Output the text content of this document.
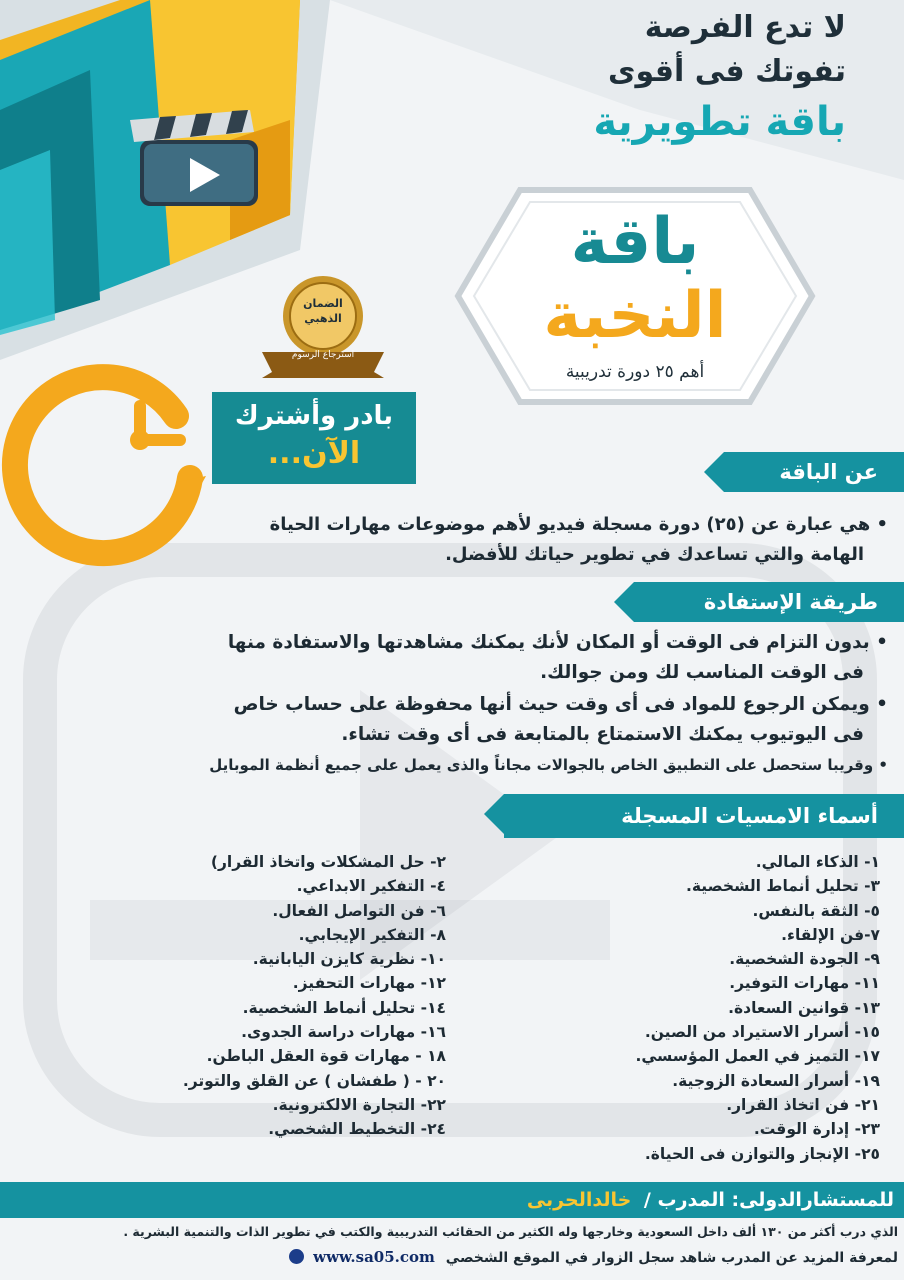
لا تدع الفرصة
تفوتك فى أقوى
باقة تطويرية
باقة
النخبة
أهم ٢٥ دورة تدريبية
الضمان
الذهبي
استرجاع الرسوم
بادر وأشترك
الآن...
عن الباقة
• هي عبارة عن (٢٥) دورة مسجلة فيديو لأهم موضوعات مهارات الحياة
الهامة والتي تساعدك في تطوير حياتك للأفضل.
طريقة الإستفادة
• بدون التزام فى الوقت أو المكان لأنك يمكنك مشاهدتها والاستفادة منها
فى الوقت المناسب لك ومن جوالك.
• ويمكن الرجوع للمواد فى أى وقت حيث أنها محفوظة على حساب خاص
فى اليوتيوب يمكنك الاستمتاع بالمتابعة فى أى وقت تشاء.
• وقريبا ستحصل على التطبيق الخاص بالجوالات مجاناً والذى يعمل على جميع أنظمة الموبايل
أسماء الامسيات المسجلة
١- الذكاء المالي.
٣- تحليل أنماط الشخصية.
٥- الثقة بالنفس.
٧-فن الإلقاء.
٩- الجودة الشخصية.
١١- مهارات التوفير.
١٣- قوانين السعادة.
١٥- أسرار الاستيراد من الصين.
١٧- التميز في العمل المؤسسي.
١٩- أسرار السعادة الزوجية.
٢١- فن اتخاذ القرار.
٢٣- إدارة الوقت.
٢٥- الإنجاز والتوازن فى الحياة.
٢- حل المشكلات واتخاذ القرار)
٤- التفكير الابداعي.
٦- فن التواصل الفعال.
٨- التفكير الإيجابي.
١٠- نظرية كايزن اليابانية.
١٢- مهارات التحفيز.
١٤- تحليل أنماط الشخصية.
١٦- مهارات دراسة الجدوى.
١٨ - مهارات قوة العقل الباطن.
٢٠ - ( طفشان ) عن القلق والتوتر.
٢٢- التجارة الالكترونية.
٢٤- التخطيط الشخصي.
للمستشارالدولى: المدرب / خالدالحربى
الذي درب أكثر من ١٣٠ ألف داخل السعودية وخارجها وله الكثير من الحقائب التدريبية والكتب في تطوير الذات والتنمية البشرية .
لمعرفة المزيد عن المدرب شاهد سجل الزوار في الموقع الشخصي www.sa05.com
